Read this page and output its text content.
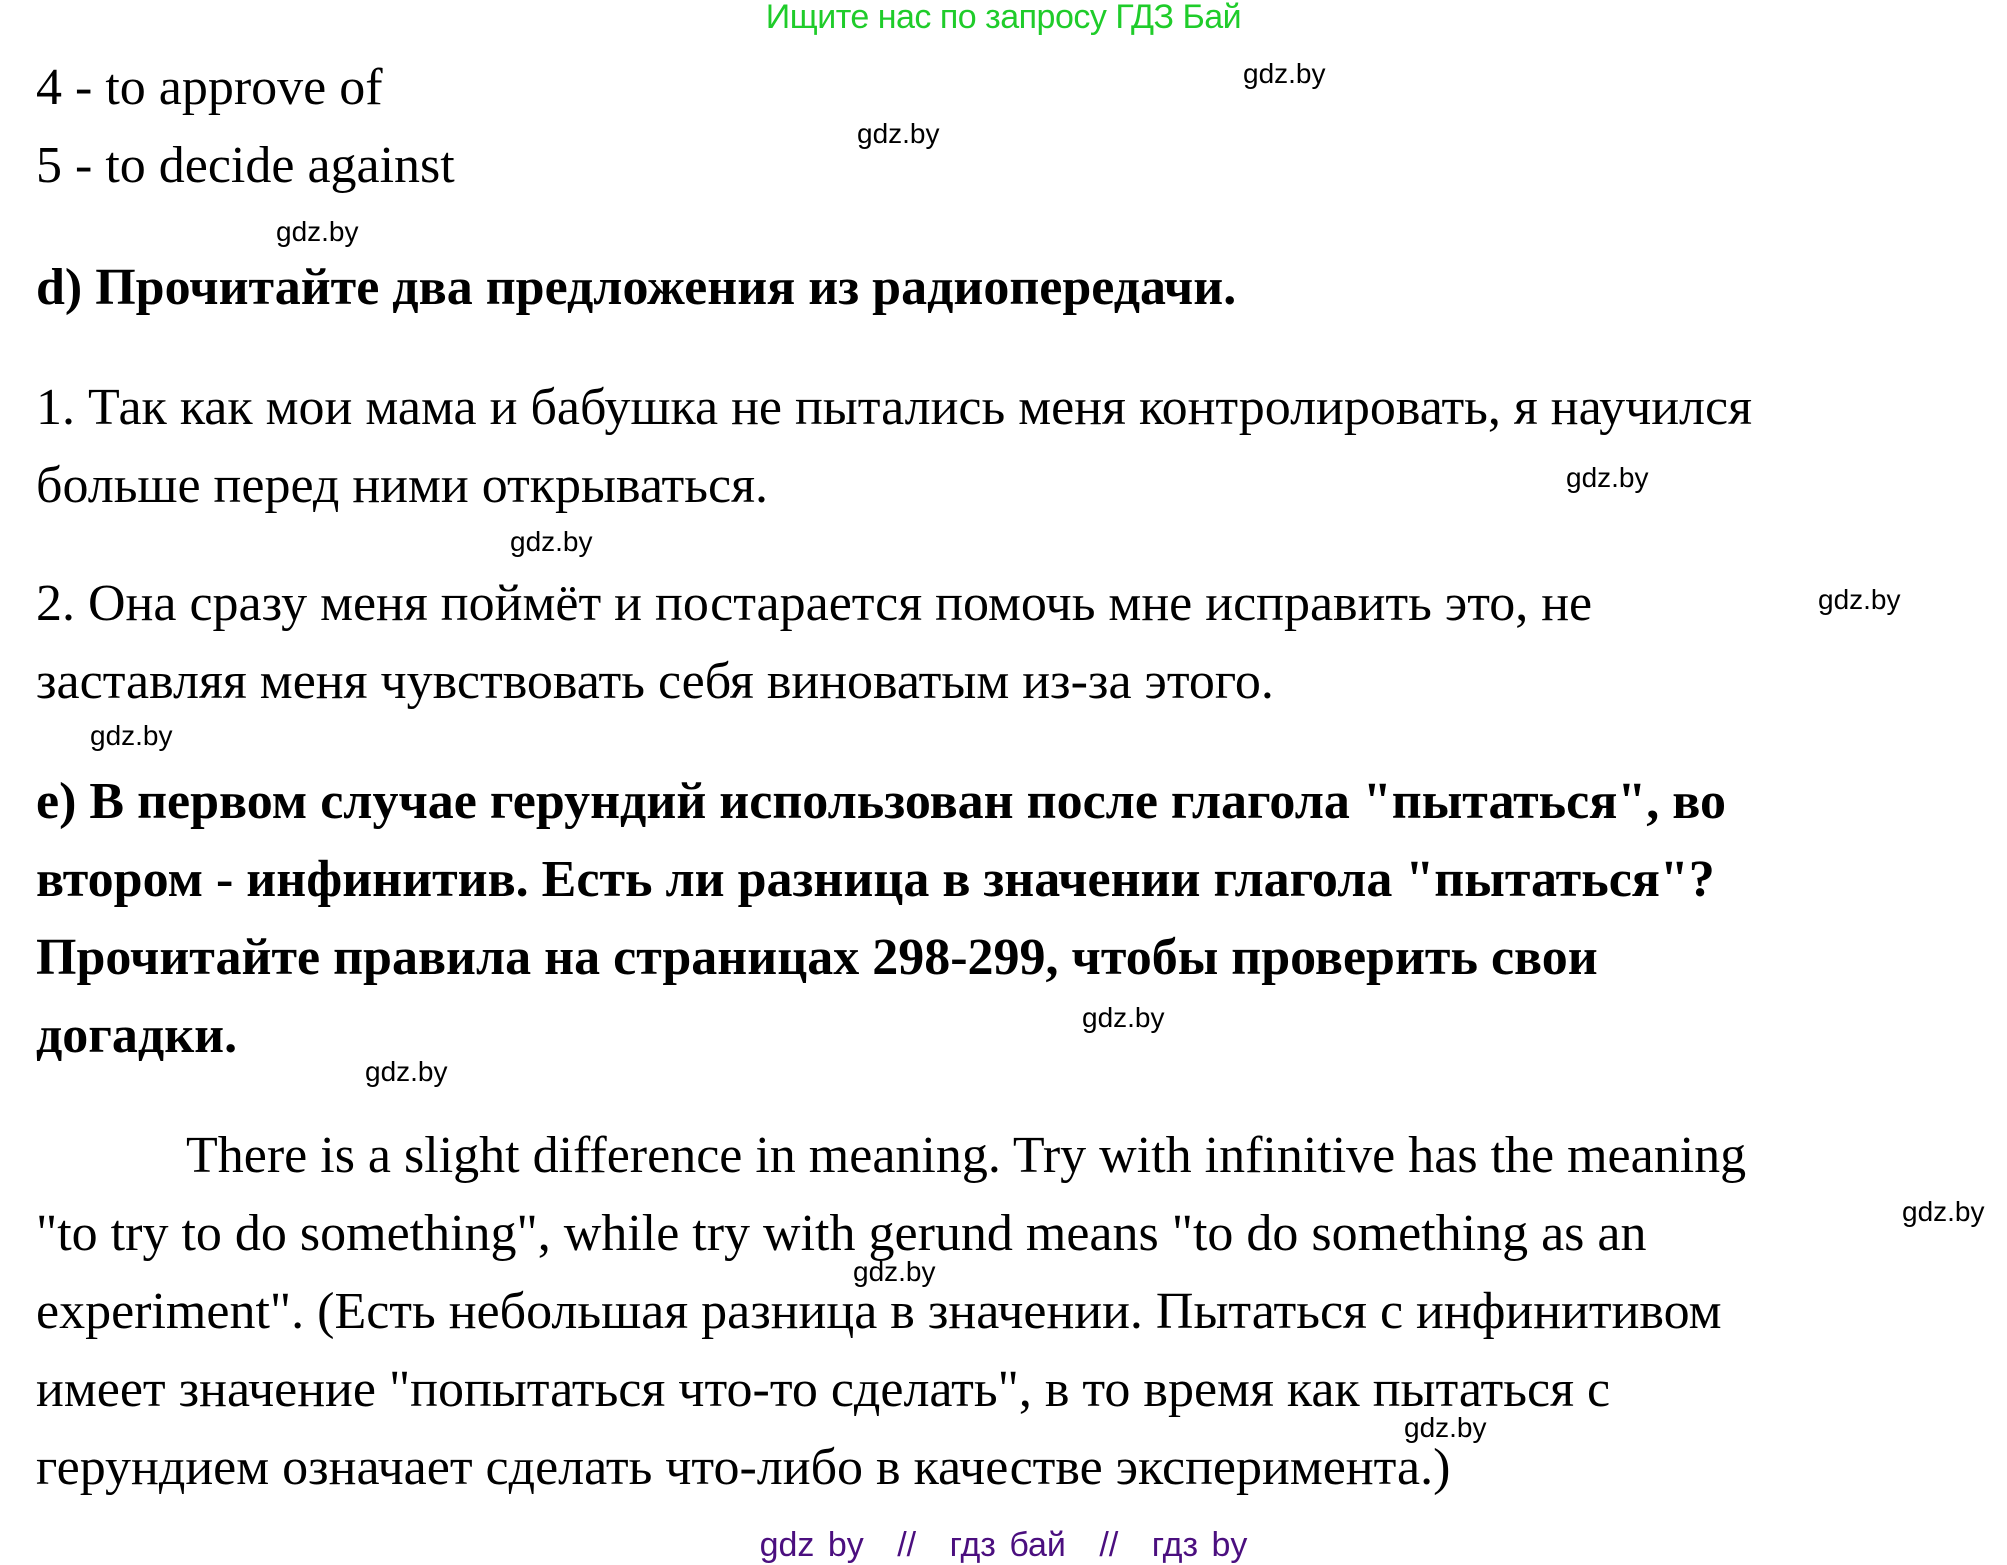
Ищите нас по запросу ГДЗ Бай
4 - to approve of
5 - to decide against
d) Прочитайте два предложения из радиопередачи.
1. Так как мои мама и бабушка не пытались меня контролировать, я научился
больше перед ними открываться.
2. Она сразу меня поймёт и постарается помочь мне исправить это, не
заставляя меня чувствовать себя виноватым из-за этого.
e) В первом случае герундий использован после глагола "пытаться", во
втором - инфинитив. Есть ли разница в значении глагола "пытаться"?
Прочитайте правила на страницах 298-299, чтобы проверить свои
догадки.
There is a slight difference in meaning. Try with infinitive has the meaning
"to try to do something", while try with gerund means "to do something as an
experiment". (Есть небольшая разница в значении. Пытаться с инфинитивом
имеет значение "попытаться что-то сделать", в то время как пытаться с
герундием означает сделать что-либо в качестве эксперимента.)
gdz.by
gdz.by
gdz.by
gdz.by
gdz.by
gdz.by
gdz.by
gdz.by
gdz.by
gdz.by
gdz.by
gdz.by
gdz by // гдз бай // гдз by
